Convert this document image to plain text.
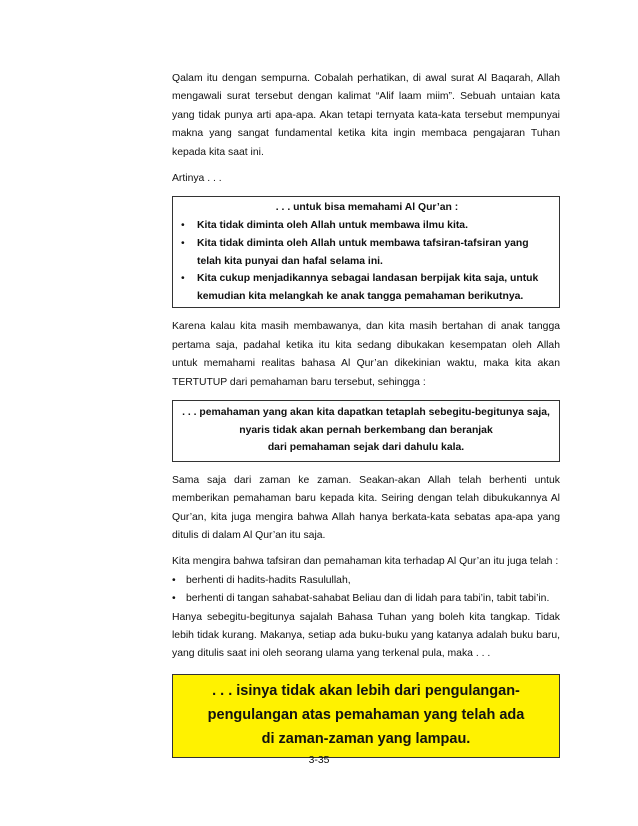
Qalam itu dengan sempurna. Cobalah perhatikan, di awal surat Al Baqarah, Allah mengawali surat tersebut dengan kalimat “Alif laam miim”. Sebuah untaian kata yang tidak punya arti apa-apa. Akan tetapi ternyata kata-kata tersebut mempunyai makna yang sangat fundamental ketika kita ingin membaca pengajaran Tuhan kepada kita saat ini.

Artinya . . .

. . . untuk bisa memahami Al Qur’an :
• Kita tidak diminta oleh Allah untuk membawa ilmu kita.
• Kita tidak diminta oleh Allah untuk membawa tafsiran-tafsiran yang telah kita punyai dan hafal selama ini.
• Kita cukup menjadikannya sebagai landasan berpijak kita saja, untuk kemudian kita melangkah ke anak tangga pemahaman berikutnya.

Karena kalau kita masih membawanya, dan kita masih bertahan di anak tangga pertama saja, padahal ketika itu kita sedang dibukakan kesempatan oleh Allah untuk memahami realitas bahasa Al Qur’an dikekinian waktu, maka kita akan TERTUTUP dari pemahaman baru tersebut, sehingga :

. . . pemahaman yang akan kita dapatkan tetaplah sebegitu-begitunya saja,
nyaris tidak akan pernah berkembang dan beranjak
dari pemahaman sejak dari dahulu kala.

Sama saja dari zaman ke zaman. Seakan-akan Allah telah berhenti untuk memberikan pemahaman baru kepada kita. Seiring dengan telah dibukukannya Al Qur’an, kita juga mengira bahwa Allah hanya berkata-kata sebatas apa-apa yang ditulis di dalam Al Qur’an itu saja.

Kita mengira bahwa tafsiran dan pemahaman kita terhadap Al Qur’an itu juga telah :

• berhenti di hadits-hadits Rasulullah,
• berhenti di tangan sahabat-sahabat Beliau dan di lidah para tabi’in, tabit tabi’in.

Hanya sebegitu-begitunya sajalah Bahasa Tuhan yang boleh kita tangkap. Tidak lebih tidak kurang. Makanya, setiap ada buku-buku yang katanya adalah buku baru, yang ditulis saat ini oleh seorang ulama yang terkenal pula, maka . . .

. . . isinya tidak akan lebih dari pengulangan-
pengulangan atas pemahaman yang telah ada
di zaman-zaman yang lampau.
3-35
